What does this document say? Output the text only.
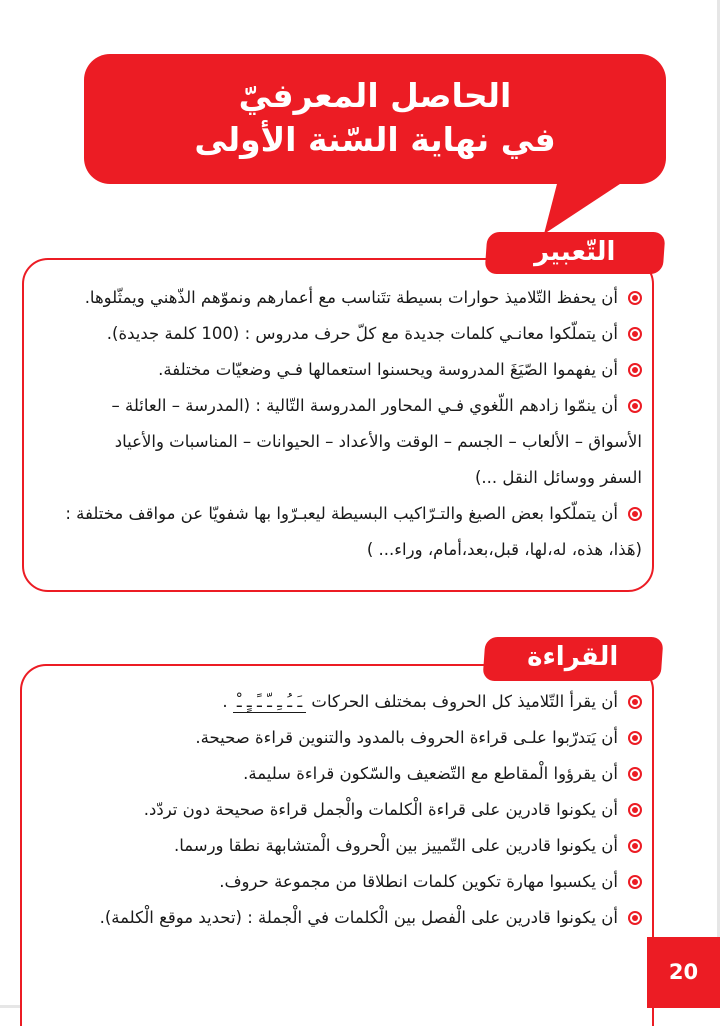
الحاصل المعرفيّ
في نهاية السّنة الأولى
التّعبير
أن يحفظ التّلاميذ حوارات بسيطة تتَناسب مع أعمارهم ونموّهم الذّهني ويمثّلوها.
أن يتملّكوا معانـي كلمات جديدة مع كلّ حرف مدروس : (100 كلمة جديدة).
أن يفهموا الصّيَغَ المدروسة ويحسنوا استعمالها فـي وضعيّات مختلفة.
أن ينمّوا زادهم اللّغوي فـي المحاور المدروسة التّالية : (المدرسة – العائلة –
الأسواق – الألعاب – الجسم – الوقت والأعداد – الحيوانات – المناسبات والأعياد
السفر ووسائل النقل ...)
أن يتملّكوا بعض الصيغ والتـرّاكيب البسيطة ليعبـرّوا بها شفويّا عن مواقف مختلفة :
(هَذا، هذه، له،لها، قبل،بعد،أمام، وراء... )
القراءة
أن يقرأ التّلاميذ كل الحروف بمختلف الحركات ـَ ـُ ـِ ـّ ـً ـٍ ـْ .
أن يَتدرّبوا علـى قراءة الحروف بالمدود والتنوين قراءة صحيحة.
أن يقرؤوا الْمقاطع مع التّضعيف والسّكون قراءة سليمة.
أن يكونوا قادرين على قراءة الْكلمات والْجمل قراءة صحيحة دون تردّد.
أن يكونوا قادرين على التّمييز بين الْحروف الْمتشابهة نطقا ورسما.
أن يكسبوا مهارة تكوين كلمات انطلاقا من مجموعة حروف.
أن يكونوا قادرين على الْفصل بين الْكلمات في الْجملة : (تحديد موقع الْكلمة).
20
